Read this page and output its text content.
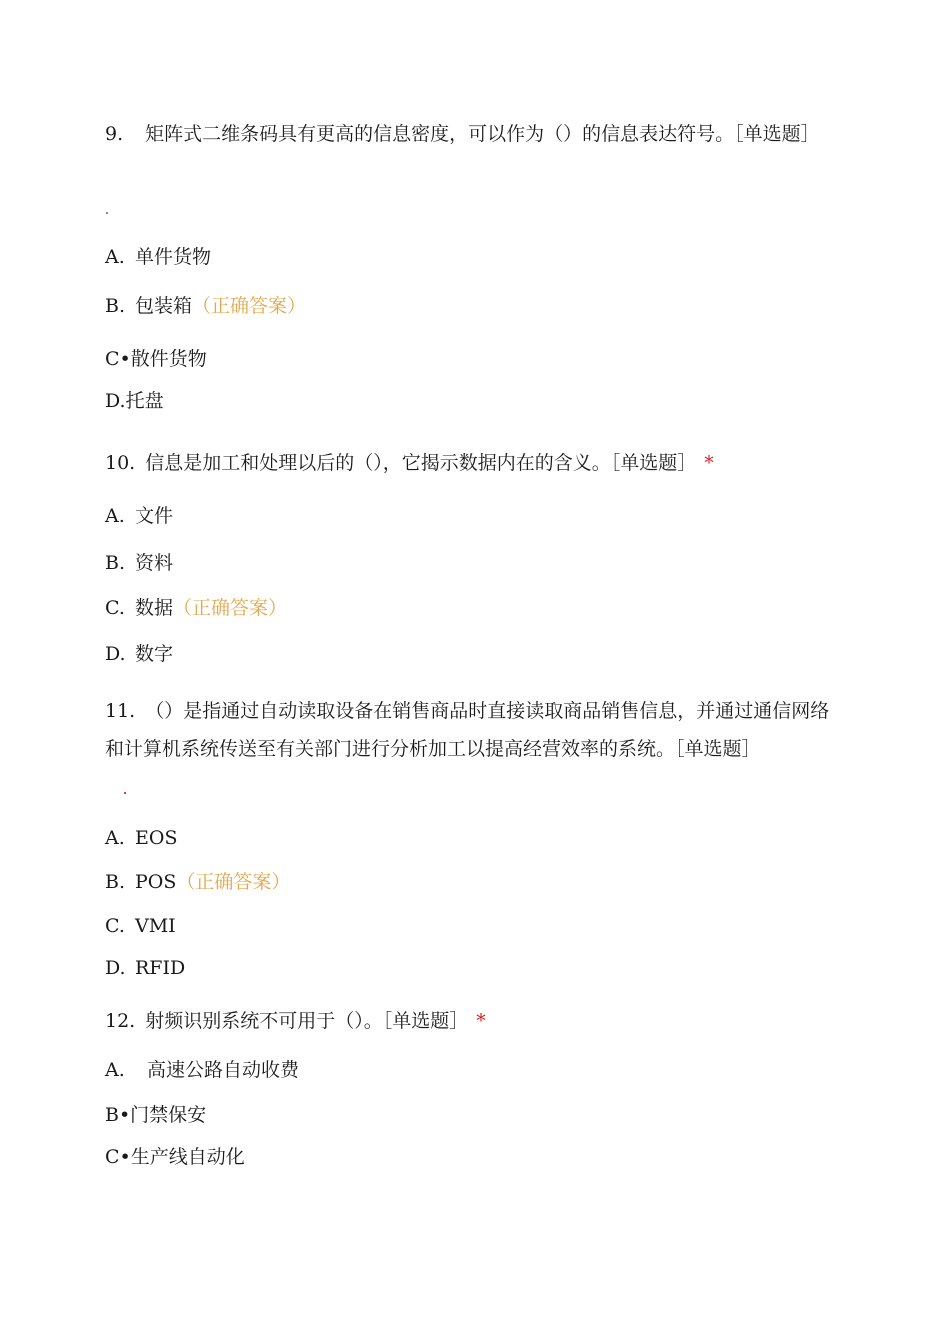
9. 矩阵式二维条码具有更高的信息密度，可以作为（）的信息表达符号。［单选题］
A. 单件货物
B. 包装箱（正确答案）
C•散件货物
D.托盘
10. 信息是加工和处理以后的（），它揭示数据内在的含义。［单选题］ *
A. 文件
B. 资料
C. 数据（正确答案）
D. 数字
11. （）是指通过自动读取设备在销售商品时直接读取商品销售信息，并通过通信网络和计算机系统传送至有关部门进行分析加工以提高经营效率的系统。［单选题］
A. EOS
B. POS（正确答案）
C. VMI
D. RFID
12. 射频识别系统不可用于（）。［单选题］ *
A. 高速公路自动收费
B•门禁保安
C•生产线自动化
